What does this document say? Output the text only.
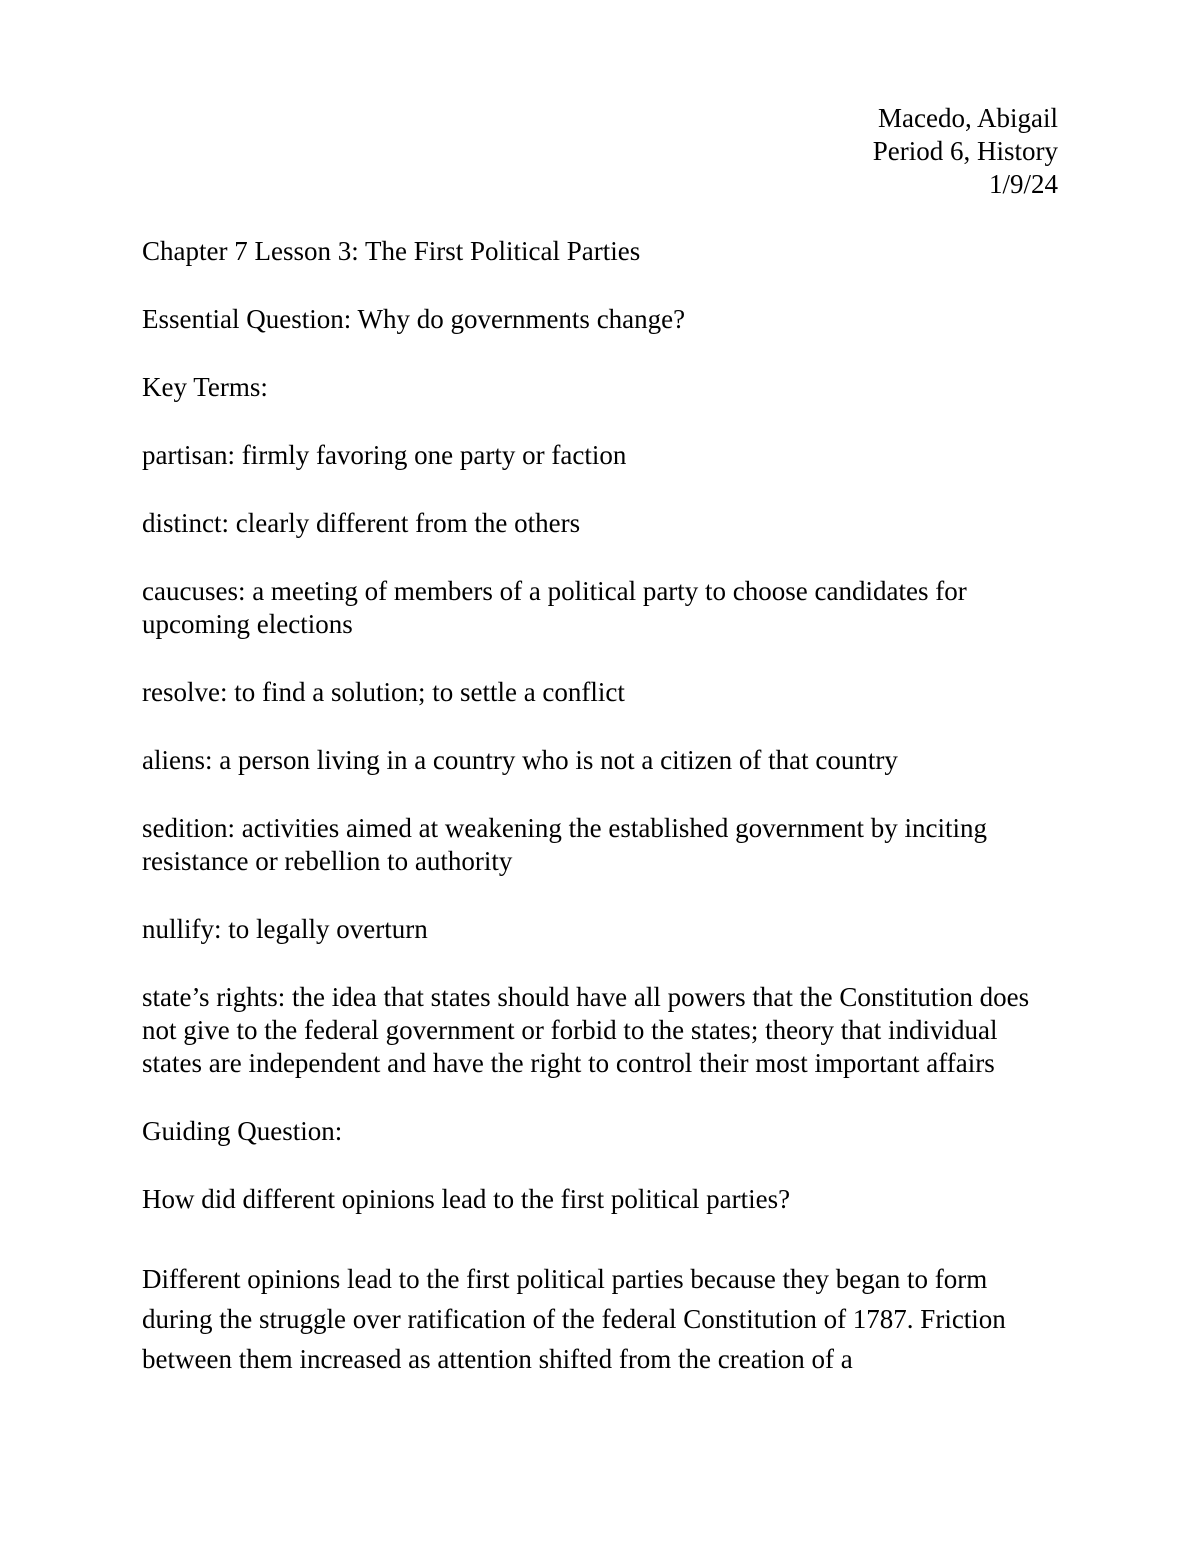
Macedo, Abigail
Period 6, History
1/9/24

Chapter 7 Lesson 3: The First Political Parties

Essential Question: Why do governments change?

Key Terms:

partisan: firmly favoring one party or faction

distinct: clearly different from the others

caucuses: a meeting of members of a political party to choose candidates for upcoming elections

resolve: to find a solution; to settle a conflict

aliens: a person living in a country who is not a citizen of that country

sedition: activities aimed at weakening the established government by inciting resistance or rebellion to authority

nullify: to legally overturn

state’s rights: the idea that states should have all powers that the Constitution does not give to the federal government or forbid to the states; theory that individual states are independent and have the right to control their most important affairs

Guiding Question:

How did different opinions lead to the first political parties?

Different opinions lead to the first political parties because they began to form during the struggle over ratification of the federal Constitution of 1787. Friction between them increased as attention shifted from the creation of a
